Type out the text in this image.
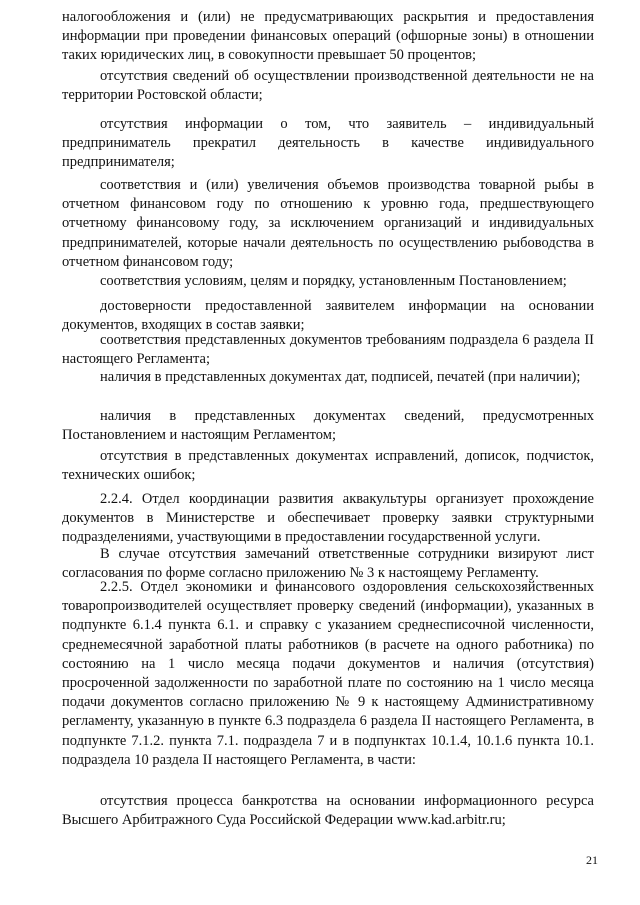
налогообложения и (или) не предусматривающих раскрытия и предоставления информации при проведении финансовых операций (офшорные зоны) в отношении таких юридических лиц, в совокупности превышает 50 процентов;
отсутствия сведений об осуществлении производственной деятельности не на территории Ростовской области;
отсутствия информации о том, что заявитель – индивидуальный предприниматель прекратил деятельность в качестве индивидуального предпринимателя;
соответствия и (или) увеличения объемов производства товарной рыбы в отчетном финансовом году по отношению к уровню года, предшествующего отчетному финансовому году, за исключением организаций и индивидуальных предпринимателей, которые начали деятельность по осуществлению рыбоводства в отчетном финансовом году;
соответствия условиям, целям и порядку, установленным Постановлением;
достоверности предоставленной заявителем информации на основании документов, входящих в состав заявки;
соответствия представленных документов требованиям подраздела 6 раздела II настоящего Регламента;
наличия в представленных документах дат, подписей, печатей (при наличии);
наличия в представленных документах сведений, предусмотренных Постановлением и настоящим Регламентом;
отсутствия в представленных документах исправлений, дописок, подчисток, технических ошибок;
2.2.4. Отдел координации развития аквакультуры организует прохождение документов в Министерстве и обеспечивает проверку заявки структурными подразделениями, участвующими в предоставлении государственной услуги.
В случае отсутствия замечаний ответственные сотрудники визируют лист согласования по форме согласно приложению № 3 к настоящему Регламенту.
2.2.5. Отдел экономики и финансового оздоровления сельскохозяйственных товаропроизводителей осуществляет проверку сведений (информации), указанных в подпункте 6.1.4 пункта 6.1. и справку с указанием среднесписочной численности, среднемесячной заработной платы работников (в расчете на одного работника) по состоянию на 1 число месяца подачи документов и наличия (отсутствия) просроченной задолженности по заработной плате по состоянию на 1 число месяца подачи документов согласно приложению № 9 к настоящему Административному регламенту, указанную в пункте 6.3 подраздела 6 раздела II настоящего Регламента, в подпункте 7.1.2. пункта 7.1. подраздела 7 и в подпунктах 10.1.4, 10.1.6 пункта 10.1. подраздела 10 раздела II настоящего Регламента, в части:
отсутствия процесса банкротства на основании информационного ресурса Высшего Арбитражного Суда Российской Федерации www.kad.arbitr.ru;
21
